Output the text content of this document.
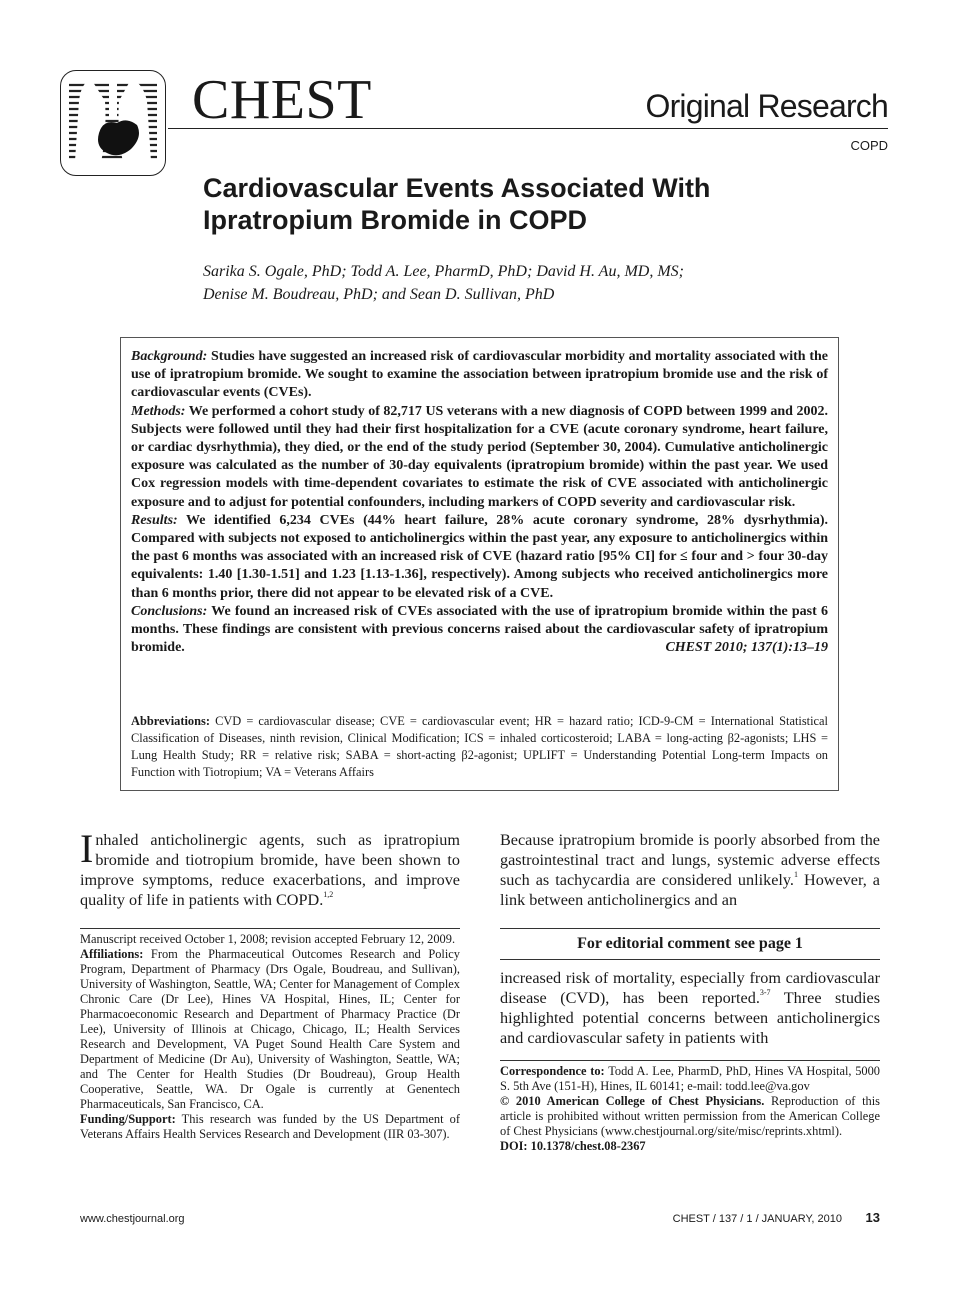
CHEST	Original Research
COPD
Cardiovascular Events Associated With
Ipratropium Bromide in COPD
Sarika S. Ogale, PhD; Todd A. Lee, PharmD, PhD; David H. Au, MD, MS;
Denise M. Boudreau, PhD; and Sean D. Sullivan, PhD

Background: Studies have suggested an increased risk of cardiovascular morbidity and mortality associated with the use of ipratropium bromide. We sought to examine the association between ipratropium bromide use and the risk of cardiovascular events (CVEs).

Methods: We performed a cohort study of 82,717 US veterans with a new diagnosis of COPD between 1999 and 2002. Subjects were followed until they had their first hospitalization for a CVE (acute coronary syndrome, heart failure, or cardiac dysrhythmia), they died, or the end of the study period (September 30, 2004). Cumulative anticholinergic exposure was calculated as the number of 30-day equivalents (ipratropium bromide) within the past year. We used Cox regression models with time-dependent covariates to estimate the risk of CVE associated with anticholinergic exposure and to adjust for potential confounders, including markers of COPD severity and cardiovascular risk.

Results: We identified 6,234 CVEs (44% heart failure, 28% acute coronary syndrome, 28% dysrhythmia). Compared with subjects not exposed to anticholinergics within the past year, any exposure to anticholinergics within the past 6 months was associated with an increased risk of CVE (hazard ratio [95% CI] for ≤ four and > four 30-day equivalents: 1.40 [1.30-1.51] and 1.23 [1.13-1.36], respectively). Among subjects who received anticholinergics more than 6 months prior, there did not appear to be elevated risk of a CVE.

Conclusions: We found an increased risk of CVEs associated with the use of ipratropium bromide within the past 6 months. These findings are consistent with previous concerns raised about the cardiovascular safety of ipratropium bromide.	CHEST 2010; 137(1):13–19

Abbreviations: CVD = cardiovascular disease; CVE = cardiovascular event; HR = hazard ratio; ICD-9-CM = International Statistical Classification of Diseases, ninth revision, Clinical Modification; ICS = inhaled corticosteroid; LABA = long-acting β2-agonists; LHS = Lung Health Study; RR = relative risk; SABA = short-acting β2-agonist; UPLIFT = Understanding Potential Long-term Impacts on Function with Tiotropium; VA = Veterans Affairs

Inhaled anticholinergic agents, such as ipratropium bromide and tiotropium bromide, have been shown to improve symptoms, reduce exacerbations, and improve quality of life in patients with COPD.$^{1,2}$

Manuscript received October 1, 2008; revision accepted February 12, 2009.

Affiliations: From the Pharmaceutical Outcomes Research and Policy Program, Department of Pharmacy (Drs Ogale, Boudreau, and Sullivan), University of Washington, Seattle, WA; Center for Management of Complex Chronic Care (Dr Lee), Hines VA Hospital, Hines, IL; Center for Pharmacoeconomic Research and Department of Pharmacy Practice (Dr Lee), University of Illinois at Chicago, Chicago, IL; Health Services Research and Development, VA Puget Sound Health Care System and Department of Medicine (Dr Au), University of Washington, Seattle, WA; and The Center for Health Studies (Dr Boudreau), Group Health Cooperative, Seattle, WA. Dr Ogale is currently at Genentech Pharmaceuticals, San Francisco, CA.

Funding/Support: This research was funded by the US Department of Veterans Affairs Health Services Research and Development (IIR 03-307).

Because ipratropium bromide is poorly absorbed from the gastrointestinal tract and lungs, systemic adverse effects such as tachycardia are considered unlikely.$^1$ However, a link between anticholinergics and an

For editorial comment see page 1

increased risk of mortality, especially from cardiovascular disease (CVD), has been reported.$^{3-7}$ Three studies highlighted potential concerns between anticholinergics and cardiovascular safety in patients with

Correspondence to: Todd A. Lee, PharmD, PhD, Hines VA Hospital, 5000 S. 5th Ave (151-H), Hines, IL 60141; e-mail: todd.lee@va.gov

© 2010 American College of Chest Physicians. Reproduction of this article is prohibited without written permission from the American College of Chest Physicians (www.chestjournal.org/site/misc/reprints.xhtml).

DOI: 10.1378/chest.08-2367

www.chestjournal.org	CHEST / 137 / 1 / JANUARY, 2010 13
